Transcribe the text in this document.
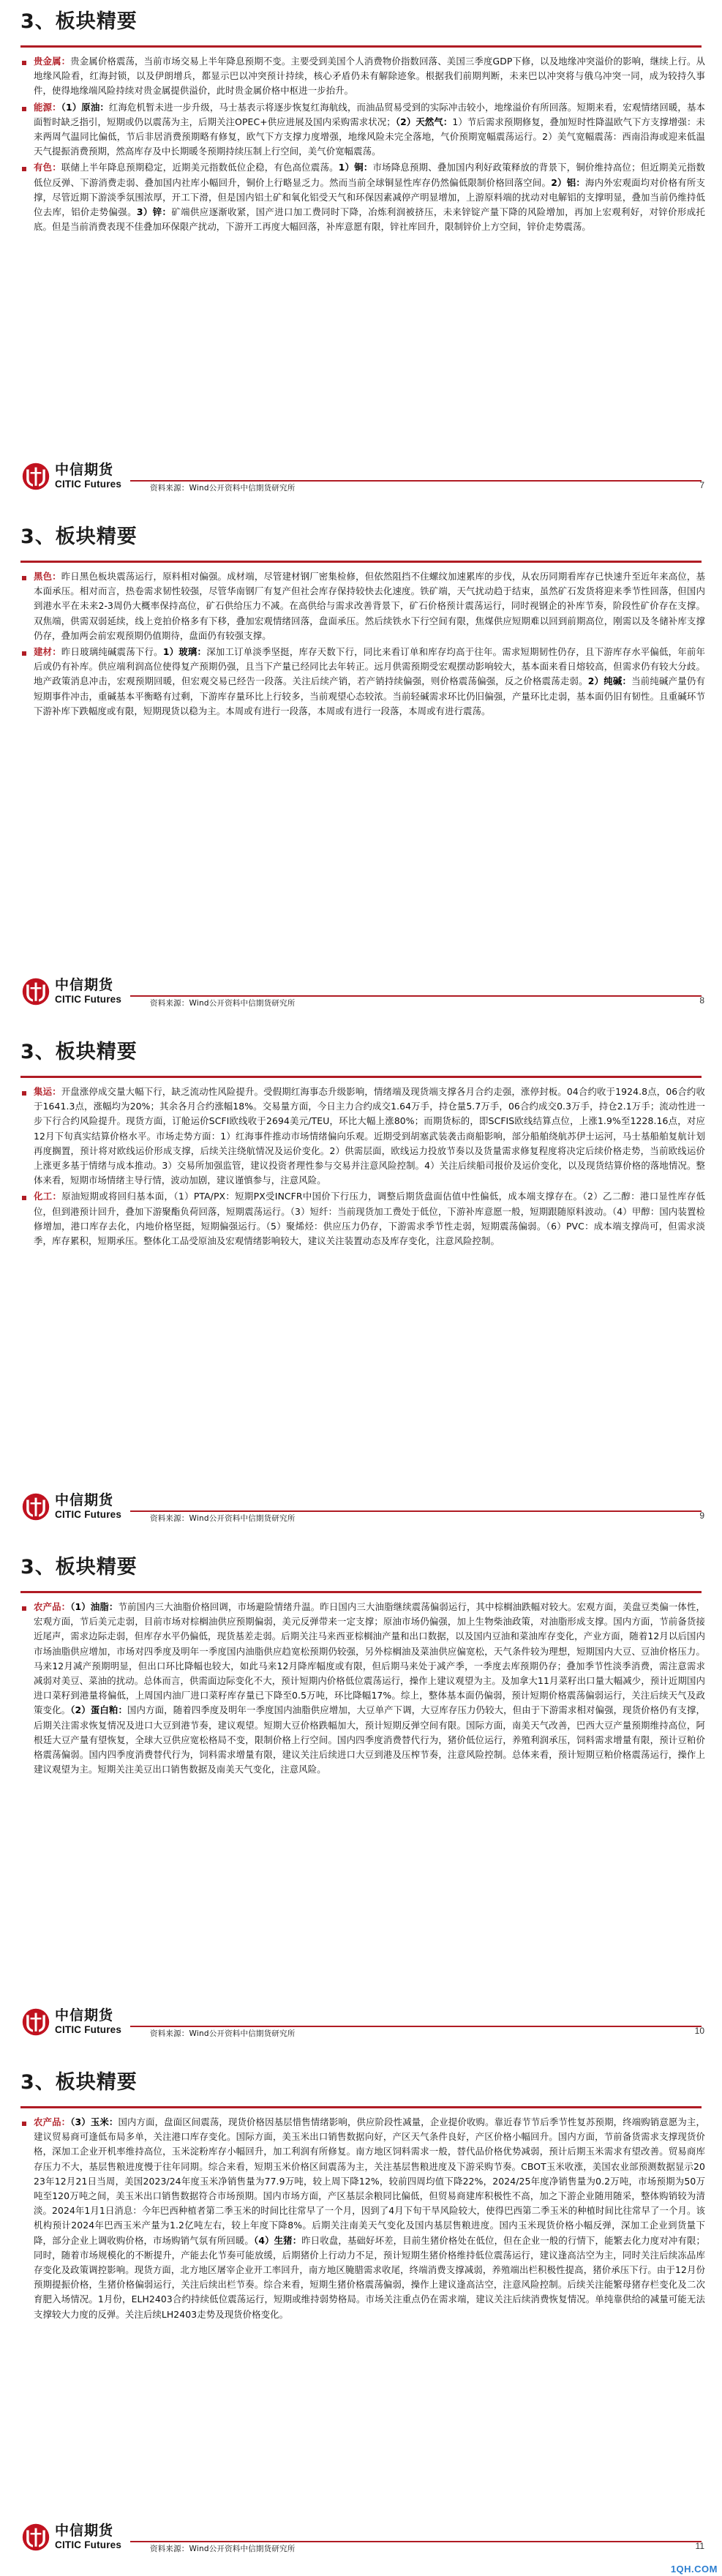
3、板块精要

贵金属：贵金属价格震荡，当前市场交易上半年降息预期不变。主要受到美国个人消费物价指数回落、美国三季度GDP下修，以及地缘冲突溢价的影响，继续上行。从地缘风险看，红海封锁，以及伊朗增兵，都显示巴以冲突预计持续，核心矛盾仍未有解除迹象。根据我们前期判断，未来巴以冲突将与俄乌冲突一同，成为较持久事件，使得地缘端风险持续对贵金属提供溢价，此时贵金属价格中枢进一步抬升。

能源：（1）原油：红海危机暂未进一步升级，马士基表示将逐步恢复红海航线，而油品贸易受到的实际冲击较小，地缘溢价有所回落。短期来看，宏观情绪回暖，基本面暂时缺乏指引，短期或仍以震荡为主，后期关注OPEC+供应进展及国内采购需求状况；（2）天然气：1）节后需求预期修复，叠加短时性降温欧气下方支撑增强：未来两周气温同比偏低，节后非居消费预期略有修复，欧气下方支撑力度增强，地缘风险未完全落地，气价预期宽幅震荡运行。2）美气宽幅震荡：西南沿海或迎来低温天气提振消费预期，然高库存及中长期暖冬预期持续压制上行空间，美气价宽幅震荡。

有色：联储上半年降息预期稳定，近期美元指数低位企稳，有色高位震荡。1）铜：市场降息预期、叠加国内利好政策释放的背景下，铜价维持高位；但近期美元指数低位反弹、下游消费走弱、叠加国内社库小幅回升，铜价上行略显乏力。然而当前全球铜显性库存仍然偏低限制价格回落空间。2）铝：海内外宏观面均对价格有所支撑，尽管近期下游淡季氛围浓厚，开工下滑，但是国内铝土矿和氧化铝受天气和环保因素减停产明显增加，上游原料端的扰动对电解铝的支撑明显，叠加当前仍维持低位去库，铝价走势偏强。3）锌：矿端供应逐渐收紧，国产进口加工费同时下降，冶炼利润被挤压，未来锌锭产量下降的风险增加，再加上宏观利好，对锌价形成托底。但是当前消费表现不佳叠加环保限产扰动，下游开工再度大幅回落，补库意愿有限，锌社库回升，限制锌价上方空间，锌价走势震荡。

中信期货
CITIC Futures	资料来源：Wind公开资料中信期货研究所	7
3、板块精要

黑色：昨日黑色板块震荡运行，原料相对偏强。成材端，尽管建材钢厂密集检修，但依然阻挡不住螺纹加速累库的步伐，从农历同期看库存已快速升至近年来高位，基本面承压。相对而言，热卷需求韧性较强，尽管华南钢厂有复产但社会库存保持较快去化速度。铁矿端，天气扰动趋于结束，虽然矿石发货将迎来季节性回落，但国内到港水平在未来2-3周仍大概率保持高位，矿石供给压力不减。在高供给与需求改善背景下，矿石价格预计震荡运行，同时视钢企的补库节奏，阶段性矿价存在支撑。双焦端，供需双弱延续，线上竞拍价格多有下移，叠加宏观情绪回落，盘面承压。然后续铁水下行空间有限，焦煤供应短期难以回到前期高位，刚需以及冬储补库支撑仍存，叠加两会前宏观预期仍值期待，盘面仍有较强支撑。

建材：昨日玻璃纯碱震荡下行。1）玻璃：深加工订单淡季坚挺，库存天数下行，同比来看订单和库存均高于往年。需求短期韧性仍存，且下游库存水平偏低，年前年后或仍有补库。供应端利润高位使得复产预期仍强，且当下产量已经同比去年转正。远月供需预期受宏观摆动影响较大，基本面来看日熔较高，但需求仍有较大分歧。地产政策消息冲击，宏观预期回暖，但宏观交易已经告一段落。关注后续产销，若产销持续偏强，则价格震荡偏强，反之价格震荡走弱。2）纯碱：当前纯碱产量仍有短期事件冲击，重碱基本平衡略有过剩，下游库存量环比上行较多，当前观望心态较浓。当前轻碱需求环比仍旧偏强，产量环比走弱，基本面仍旧有韧性。且重碱环节下游补库下跌幅度或有限，短期现货以稳为主。本周或有进行一段落，本周或有进行一段落，本周或有进行震荡。

中信期货
CITIC Futures	资料来源：Wind公开资料中信期货研究所	8
3、板块精要

集运：开盘涨停成交量大幅下行，缺乏流动性风险提升。受假期红海事态升级影响，情绪端及现货端支撑各月合约走强，涨停封板。04合约收于1924.8点，06合约收于1641.3点，涨幅均为20%；其余各月合约涨幅18%。交易量方面，今日主力合约成交1.64万手，持仓量5.7万手，06合约成交0.3万手，持仓2.1万手；流动性进一步下行合约风险提升。现货方面，订舱运价SCFI欧线收于2694美元/TEU，环比大幅上涨80%；而期货标的，即SCFIS欧线结算点位，上涨1.9%至1228.16点，对应12月下旬真实结算价格水平。市场走势方面：1）红海事件推动市场情绪偏向乐观。近期受到胡塞武装袭击商船影响，部分船舶绕航苏伊士运河，马士基船舶复航计划再度搁置，预计将对欧线运价形成支撑，后续关注绕航情况及运价变化。2）供需层面，欧线运力投放节奏以及货量需求修复程度将决定后续价格走势，当前欧线运价上涨更多基于情绪与成本推动。3）交易所加强监管，建议投资者理性参与交易并注意风险控制。4）关注后续船司报价及运价变化，以及现货结算价格的落地情况。整体来看，短期市场情绪主导行情，波动加剧，建议谨慎参与，注意风险。

化工：原油短期或将回归基本面，（1）PTA/PX：短期PX受INCFR中国价下行压力，调整后期货盘面估值中性偏低，成本端支撑存在。（2）乙二醇：港口显性库存低位，但到港预计回升，叠加下游聚酯负荷回落，短期震荡运行。（3）短纤：当前现货加工费处于低位，下游补库意愿一般，短期跟随原料波动。（4）甲醇：国内装置检修增加，港口库存去化，内地价格坚挺，短期偏强运行。（5）聚烯烃：供应压力仍存，下游需求季节性走弱，短期震荡偏弱。（6）PVC：成本端支撑尚可，但需求淡季，库存累积，短期承压。整体化工品受原油及宏观情绪影响较大，建议关注装置动态及库存变化，注意风险控制。

中信期货
CITIC Futures	资料来源：Wind公开资料中信期货研究所	9
3、板块精要

农产品：（1）油脂：节前国内三大油脂价格回调，市场避险情绪升温。昨日国内三大油脂继续震荡偏弱运行，其中棕榈油跌幅对较大。宏观方面，美盘豆类偏一体性，宏观方面，节后美元走弱，目前市场对棕榈油供应预期偏弱，美元反弹带来一定支撑；原油市场仍偏强，加上生物柴油政策，对油脂形成支撑。国内方面，节前备货接近尾声，需求边际走弱，但库存水平仍偏低，现货基差走弱。后期关注马来西亚棕榈油产量和出口数据，以及国内豆油和菜油库存变化，产业方面，随着12月以后国内市场油脂供应增加，市场对四季度及明年一季度国内油脂供应趋宽松预期仍较强，另外棕榈油及菜油供应偏宽松，天气条件较为理想，短期国内大豆、豆油价格压力。马来12月减产预期明显，但出口环比降幅也较大，如此马来12月降库幅度或有限，但后期马来处于减产季，一季度去库预期仍存；叠加季节性淡季消费，需注意需求减弱对美豆、菜油的扰动。总体而言，供需面边际变化不大，预计短期内价格低位震荡运行，操作上建议观望为主。及加拿大11月菜籽出口量大幅减少，预计近期国内进口菜籽到港量将偏低，上周国内油厂进口菜籽库存量已下降至0.5万吨，环比降幅17%。综上，整体基本面仍偏弱，预计短期价格震荡偏弱运行，关注后续天气及政策变化。（2）蛋白粕：国内方面，随着四季度及明年一季度国内油脂供应增加，大豆单产下调，大豆库存压力仍较大，但由于下游需求相对偏强，现货价格仍有支撑，后期关注需求恢复情况及进口大豆到港节奏，建议观望。短期大豆价格跌幅加大，预计短期反弹空间有限。国际方面，南美天气改善，巴西大豆产量预期维持高位，阿根廷大豆产量有望恢复，全球大豆供应宽松格局不变，限制价格上行空间。国内四季度消费替代行为，猪价低位运行，养殖利润承压，饲料需求增量有限，预计豆粕价格震荡偏弱。国内四季度消费替代行为，饲料需求增量有限，建议关注后续进口大豆到港及压榨节奏，注意风险控制。总体来看，预计短期豆粕价格震荡运行，操作上建议观望为主。短期关注美豆出口销售数据及南美天气变化，注意风险。

中信期货
CITIC Futures	资料来源：Wind公开资料中信期货研究所	10
3、板块精要

农产品：（3）玉米：国内方面，盘面区间震荡，现货价格因基层惜售情绪影响，供应阶段性减量，企业提价收购。靠近春节节后季节性复苏预期，终端购销意愿为主，建议贸易商可逢低布局多单，关注港口库存变化。国际方面，美玉米出口销售数据向好，产区天气条件良好，产区价格小幅回升。国内方面，节前备货需求支撑现货价格，深加工企业开机率维持高位，玉米淀粉库存小幅回升，加工利润有所修复。南方地区饲料需求一般，替代品价格优势减弱，预计后期玉米需求有望改善。贸易商库存压力不大，基层售粮进度慢于往年同期。综合来看，短期玉米价格区间震荡为主，关注基层售粮进度及下游采购节奏。CBOT玉米收涨，美国农业部预测数据显示2023年12月21日当周，美国2023/24年度玉米净销售量为77.9万吨，较上周下降12%，较前四周均值下降22%，2024/25年度净销售量为0.2万吨，市场预期为50万吨至120万吨之间，美玉米出口销售数据符合市场预期。国内市场方面，产区基层余粮同比偏低，但贸易商建库积极性不高，加之下游企业随用随采，整体购销较为清淡。2024年1月1日消息：今年巴西种植者第二季玉米的时间比往常早了一个月，因到了4月下旬干旱风险较大，使得巴西第二季玉米的种植时间比往常早了一个月。该机构预计2024年巴西玉米产量为1.2亿吨左右，较上年度下降8%。后期关注南美天气变化及国内基层售粮进度。国内玉米现货价格小幅反弹，深加工企业到货量下降，部分企业上调收购价格，市场购销气氛有所回暖。（4）生猪：昨日收盘，基础好坏差，目前生猪价格处在低位，但在企业一般的行情下，能繁去化力度对冲有限；同时，随着市场规模化的不断提升，产能去化节奏可能放缓，后期猪价上行动力不足，预计短期生猪价格维持低位震荡运行，建议逢高沽空为主，同时关注后续冻品库存变化及政策调控影响。现货方面，北方地区屠宰企业开工率回升，南方地区腌腊需求收尾，终端消费支撑减弱，养殖端出栏积极性提高，猪价承压下行。由于12月份预期提振价格，生猪价格偏弱运行，关注后续出栏节奏。综合来看，短期生猪价格震荡偏弱，操作上建议逢高沽空，注意风险控制。后续关注能繁母猪存栏变化及二次育肥入场情况。1月份，ELH2403合约持续低位震荡运行，短期或维持弱势格局。市场关注重点仍在需求端，建议关注后续消费恢复情况。单纯靠供给的减量可能无法支撑较大力度的反弹。关注后续LH2403走势及现货价格变化。

中信期货
CITIC Futures	资料来源：Wind公开资料中信期货研究所	11
1QH.COM
